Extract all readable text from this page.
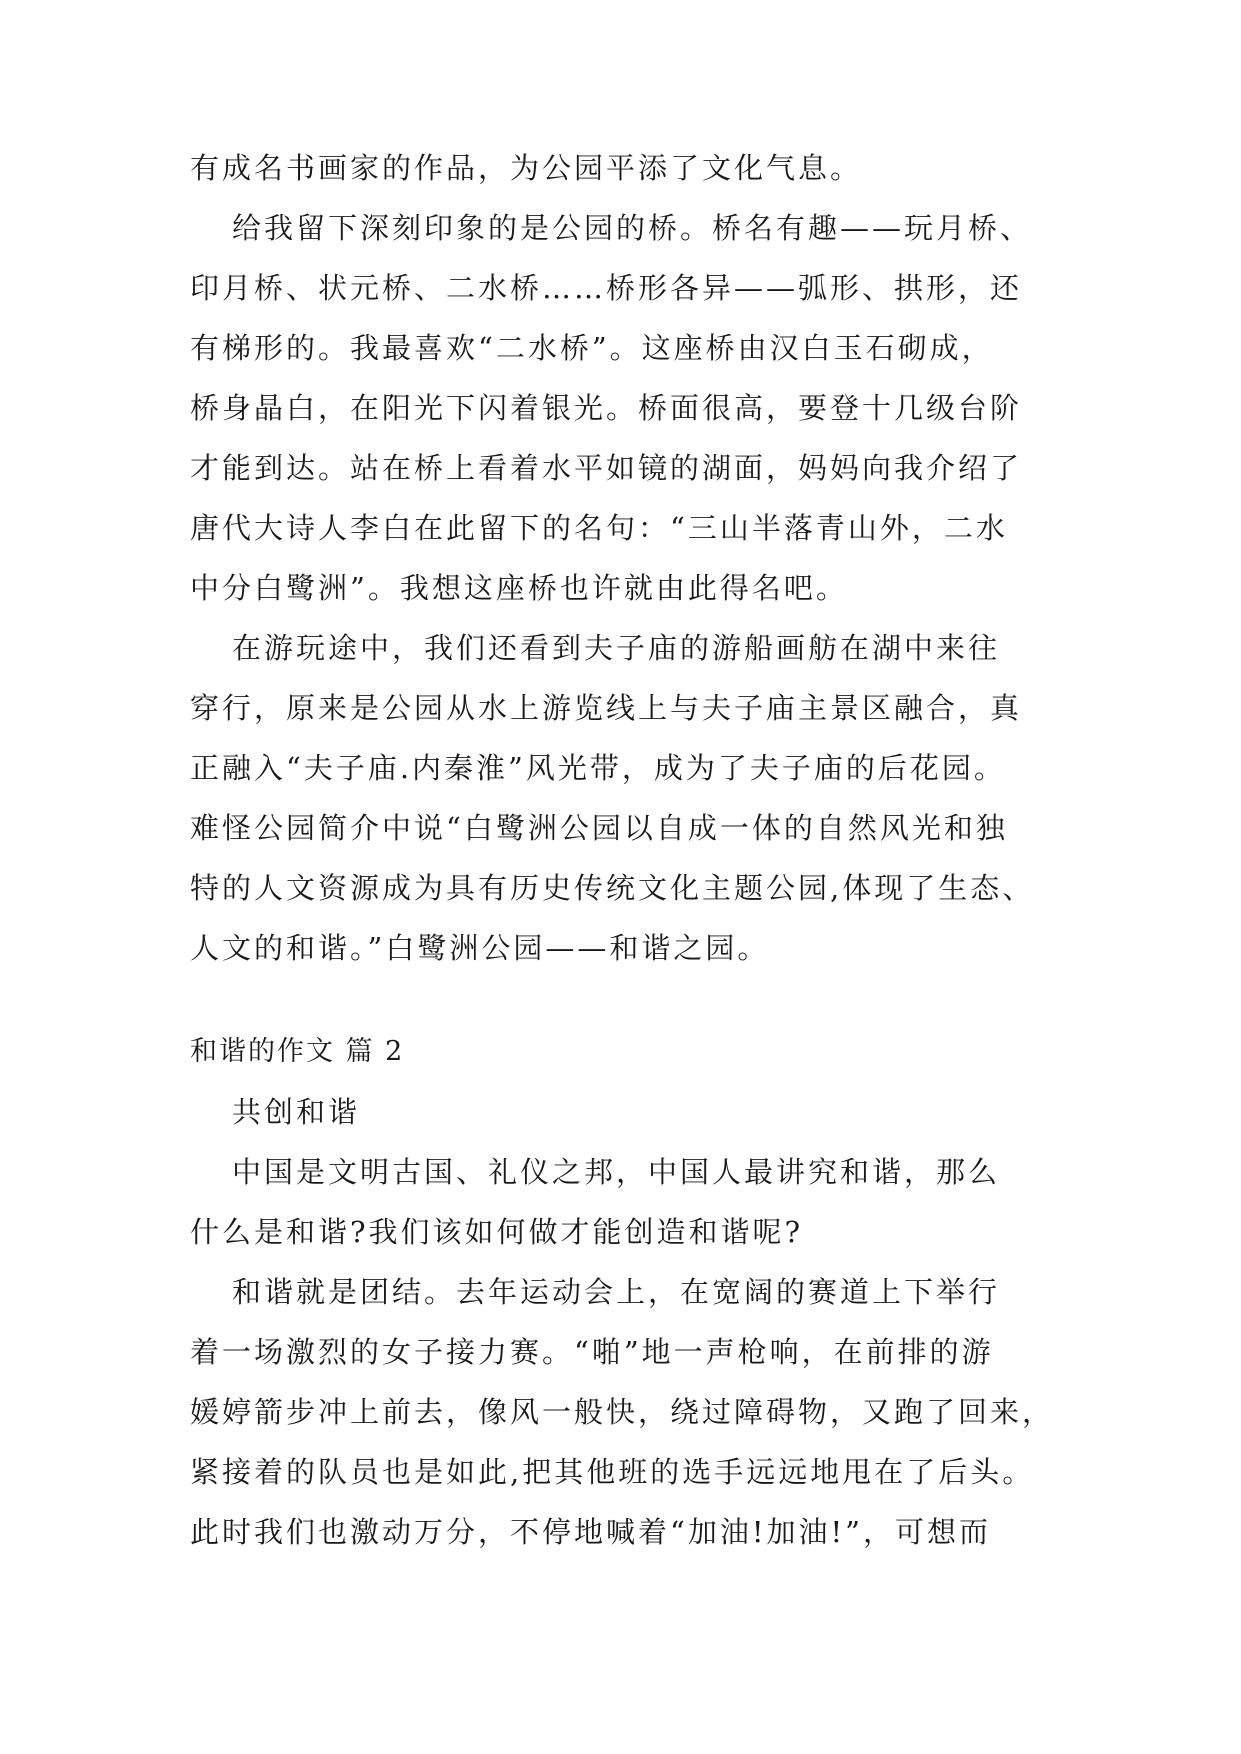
有成名书画家的作品，为公园平添了文化气息。
给我留下深刻印象的是公园的桥。桥名有趣——玩月桥、
印月桥、状元桥、二水桥……桥形各异——弧形、拱形，还
有梯形的。我最喜欢“二水桥”。这座桥由汉白玉石砌成，
桥身晶白，在阳光下闪着银光。桥面很高，要登十几级台阶
才能到达。站在桥上看着水平如镜的湖面，妈妈向我介绍了
唐代大诗人李白在此留下的名句：“三山半落青山外，二水
中分白鹭洲”。我想这座桥也许就由此得名吧。
在游玩途中，我们还看到夫子庙的游船画舫在湖中来往
穿行，原来是公园从水上游览线上与夫子庙主景区融合，真
正融入“夫子庙.内秦淮”风光带，成为了夫子庙的后花园。
难怪公园简介中说“白鹭洲公园以自成一体的自然风光和独
特的人文资源成为具有历史传统文化主题公园,体现了生态、
人文的和谐。”白鹭洲公园——和谐之园。
和谐的作文 篇 2
共创和谐
中国是文明古国、礼仪之邦，中国人最讲究和谐，那么
什么是和谐?我们该如何做才能创造和谐呢?
和谐就是团结。去年运动会上，在宽阔的赛道上下举行
着一场激烈的女子接力赛。“啪”地一声枪响，在前排的游
媛婷箭步冲上前去，像风一般快，绕过障碍物，又跑了回来，
紧接着的队员也是如此,把其他班的选手远远地甩在了后头。
此时我们也激动万分，不停地喊着“加油!加油!”，可想而
